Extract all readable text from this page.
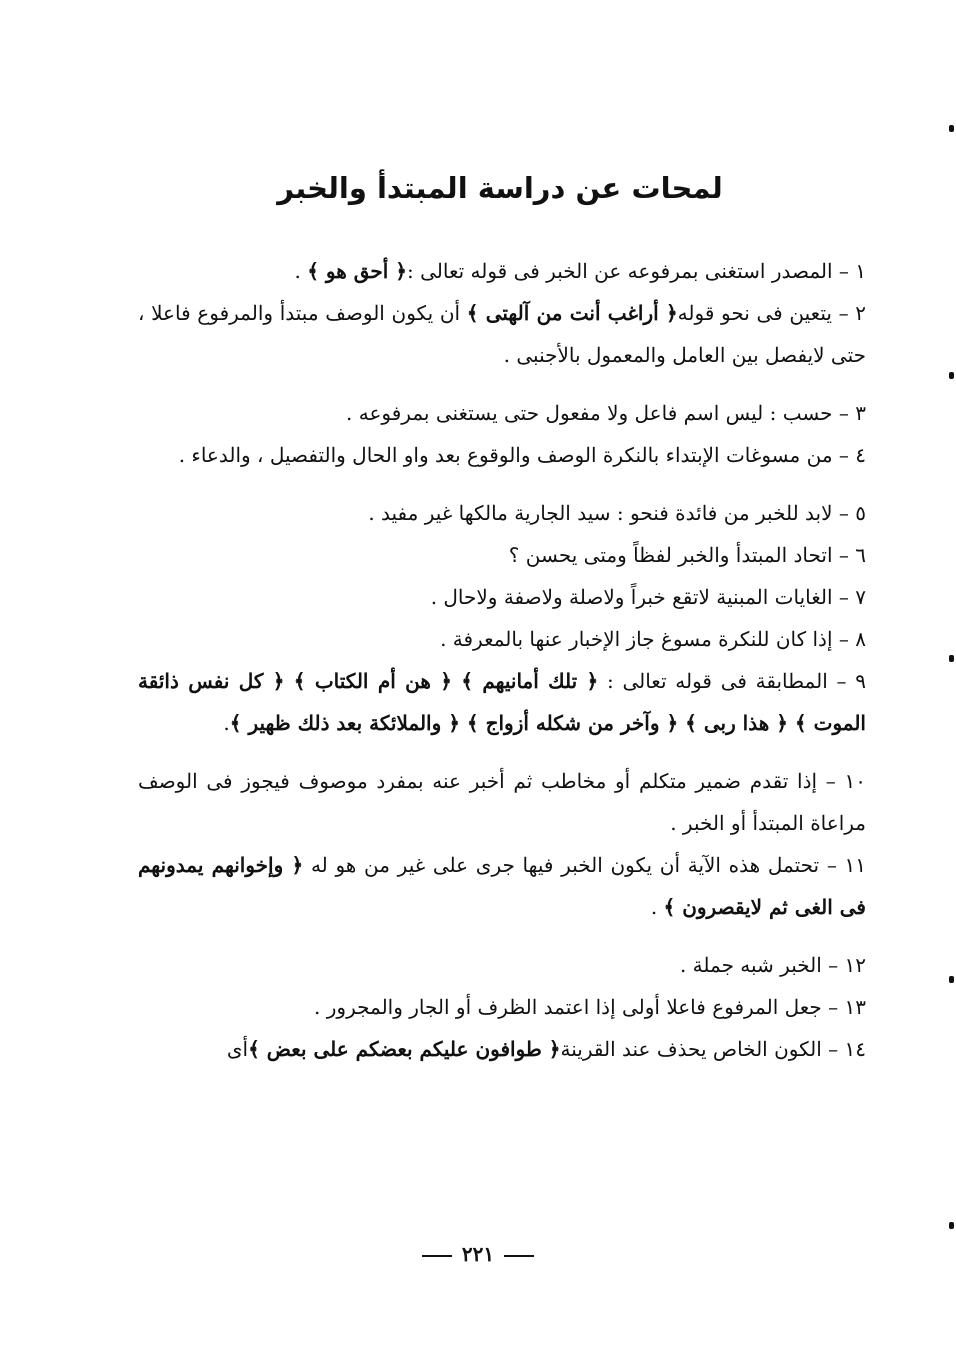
لمحات عن دراسة المبتدأ والخبر

١ – المصدر استغنى بمرفوعه عن الخبر فى قوله تعالى :﴿ أحق هو ﴾ .

٢ – يتعين فى نحو قوله﴿ أراغب أنت من آلهتى ﴾ أن يكون الوصف مبتدأ والمرفوع فاعلا ، حتى لايفصل بين العامل والمعمول بالأجنبى .

٣ – حسب : ليس اسم فاعل ولا مفعول حتى يستغنى بمرفوعه .

٤ – من مسوغات الإبتداء بالنكرة الوصف والوقوع بعد واو الحال والتفصيل ، والدعاء .

٥ – لابد للخبر من فائدة فنحو : سيد الجارية مالكها غير مفيد .

٦ – اتحاد المبتدأ والخبر لفظاً ومتى يحسن ؟

٧ – الغايات المبنية لاتقع خبراً ولاصلة ولاصفة ولاحال .

٨ – إذا كان للنكرة مسوغ جاز الإخبار عنها بالمعرفة .

٩ – المطابقة فى قوله تعالى : ﴿ تلك أمانيهم ﴾ ﴿ هن أم الكتاب ﴾ ﴿ كل نفس ذائقة الموت ﴾ ﴿ هذا ربى ﴾ ﴿ وآخر من شكله أزواج ﴾ ﴿ والملائكة بعد ذلك ظهير ﴾.

١٠ – إذا تقدم ضمير متكلم أو مخاطب ثم أخبر عنه بمفرد موصوف فيجوز فى الوصف مراعاة المبتدأ أو الخبر .

١١ – تحتمل هذه الآية أن يكون الخبر فيها جرى على غير من هو له ﴿ وإخوانهم يمدونهم فى الغى ثم لايقصرون ﴾ .

١٢ – الخبر شبه جملة .

١٣ – جعل المرفوع فاعلا أولى إذا اعتمد الظرف أو الجار والمجرور .

١٤ – الكون الخاص يحذف عند القرينة﴿ طوافون عليكم بعضكم على بعض ﴾أى

٢٢١
